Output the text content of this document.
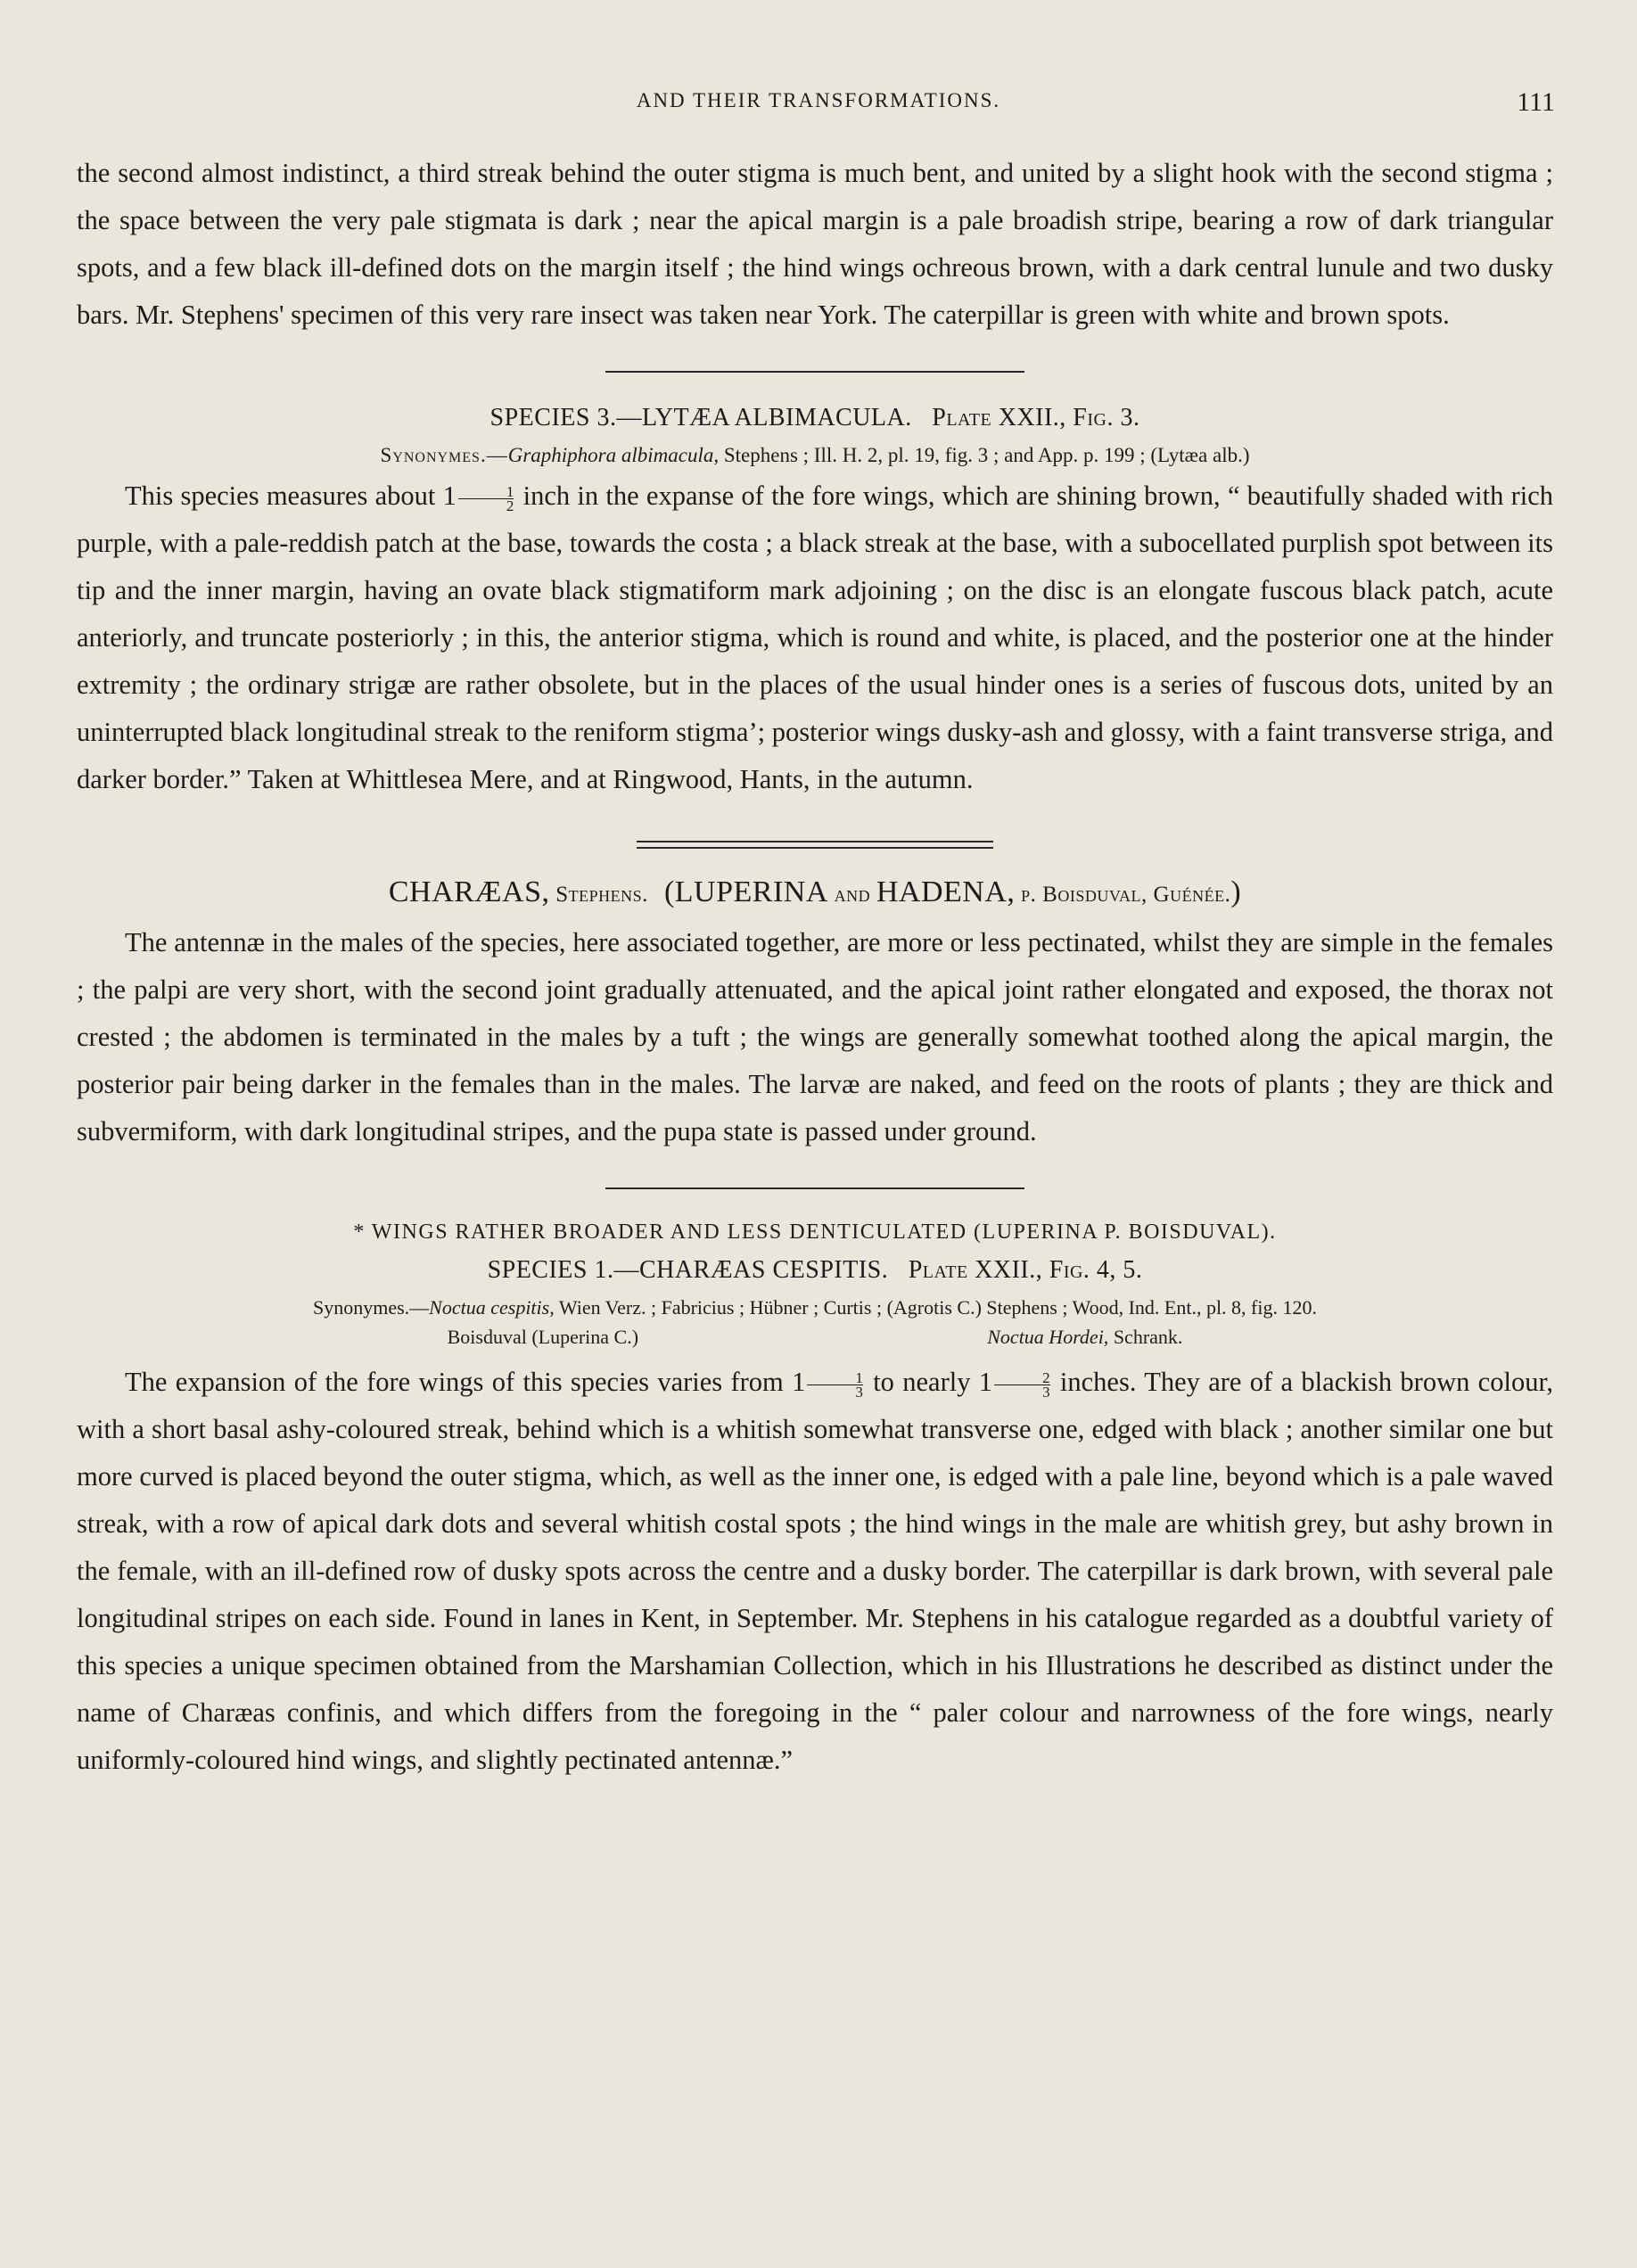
AND THEIR TRANSFORMATIONS.	111

the second almost indistinct, a third streak behind the outer stigma is much bent, and united by a slight hook with the second stigma ; the space between the very pale stigmata is dark ; near the apical margin is a pale broadish stripe, bearing a row of dark triangular spots, and a few black ill-defined dots on the margin itself ; the hind wings ochreous brown, with a dark central lunule and two dusky bars. Mr. Stephens' specimen of this very rare insect was taken near York. The caterpillar is green with white and brown spots.

SPECIES 3.—LYTÆA ALBIMACULA. Plate XXII., Fig. 3.

Synonymes.—Graphiphora albimacula, Stephens ; Ill. H. 2, pl. 19, fig. 3 ; and App. p. 199 ; (Lytæa alb.)

This species measures about $1 \frac{1}{2}$ inch in the expanse of the fore wings, which are shining brown, “ beautifully shaded with rich purple, with a pale-reddish patch at the base, towards the costa ; a black streak at the base, with a subocellated purplish spot between its tip and the inner margin, having an ovate black stigmatiform mark adjoining ; on the disc is an elongate fuscous black patch, acute anteriorly, and truncate posteriorly ; in this, the anterior stigma, which is round and white, is placed, and the posterior one at the hinder extremity ; the ordinary strigæ are rather obsolete, but in the places of the usual hinder ones is a series of fuscous dots, united by an uninterrupted black longitudinal streak to the reniform stigma’; posterior wings dusky-ash and glossy, with a faint transverse striga, and darker border.” Taken at Whittlesea Mere, and at Ringwood, Hants, in the autumn.

CHARÆAS, Stephens. (LUPERINA and HADENA, p. Boisduval, Guénée.)

The antennæ in the males of the species, here associated together, are more or less pectinated, whilst they are simple in the females ; the palpi are very short, with the second joint gradually attenuated, and the apical joint rather elongated and exposed, the thorax not crested ; the abdomen is terminated in the males by a tuft ; the wings are generally somewhat toothed along the apical margin, the posterior pair being darker in the females than in the males. The larvæ are naked, and feed on the roots of plants ; they are thick and subvermiform, with dark longitudinal stripes, and the pupa state is passed under ground.

* WINGS RATHER BROADER AND LESS DENTICULATED (LUPERINA P. BOISDUVAL).

SPECIES 1.—CHARÆAS CESPITIS. Plate XXII., Fig. 4, 5.

Synonymes.—Noctua cespitis, Wien Verz. ; Fabricius ; Hübner ; Curtis ; (Agrotis C.) Stephens ; Wood, Ind. Ent., pl. 8, fig. 120.
Boisduval (Luperina C.)	Noctua Hordei, Schrank.

The expansion of the fore wings of this species varies from $1 \frac{1}{3}$ to nearly $1 \frac{2}{3}$ inches. They are of a blackish brown colour, with a short basal ashy-coloured streak, behind which is a whitish somewhat transverse one, edged with black ; another similar one but more curved is placed beyond the outer stigma, which, as well as the inner one, is edged with a pale line, beyond which is a pale waved streak, with a row of apical dark dots and several whitish costal spots ; the hind wings in the male are whitish grey, but ashy brown in the female, with an ill-defined row of dusky spots across the centre and a dusky border. The caterpillar is dark brown, with several pale longitudinal stripes on each side. Found in lanes in Kent, in September. Mr. Stephens in his catalogue regarded as a doubtful variety of this species a unique specimen obtained from the Marshamian Collection, which in his Illustrations he described as distinct under the name of Charæas confinis, and which differs from the foregoing in the “ paler colour and narrowness of the fore wings, nearly uniformly-coloured hind wings, and slightly pectinated antennæ.”
